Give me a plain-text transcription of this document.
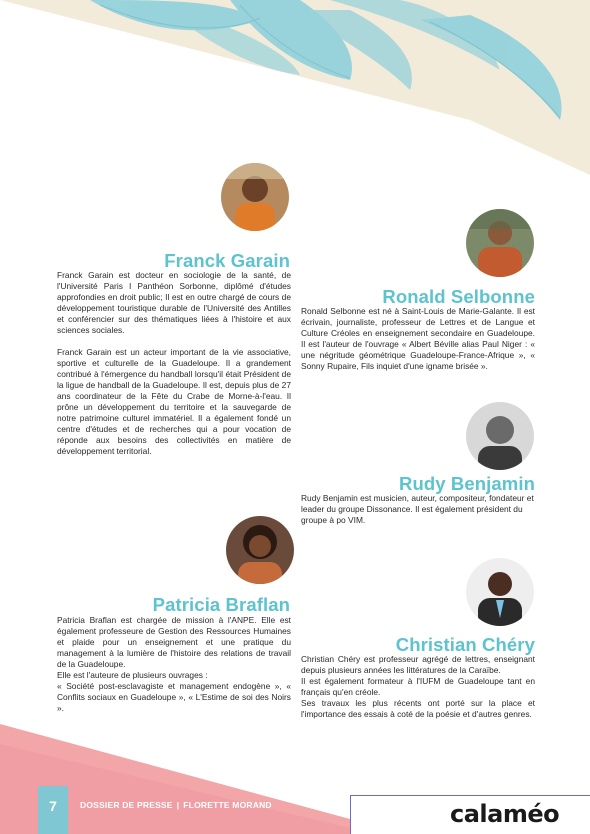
Franck Garain

Franck Garain est docteur en sociologie de la santé, de l'Université Paris I Panthéon Sorbonne, diplômé d'études approfondies en droit public; Il est en outre chargé de cours de développement touristique durable de l'Université des Antilles et conférencier sur des thématiques liées à l'histoire et aux sciences sociales.

Franck Garain est un acteur important de la vie associative, sportive et culturelle de la Guadeloupe. Il a grandement contribué à l'émergence du handball lorsqu'il était Président de la ligue de handball de la Guadeloupe. Il est, depuis plus de 27 ans coordinateur de la Fête du Crabe de Morne-à-l'eau. Il prône un développement du territoire et la sauvegarde de notre patrimoine culturel immatériel. Il a également fondé un centre d'études et de recherches qui a pour vocation de réponde aux besoins des collectivités en matière de développement territorial.

Ronald Selbonne

Ronald Selbonne est né à Saint-Louis de Marie-Galante. Il est écrivain, journaliste, professeur de Lettres et de Langue et Culture Créoles en enseignement secondaire en Guadeloupe. Il est l'auteur de l'ouvrage « Albert Béville alias Paul Niger : « une négritude géométrique Guadeloupe-France-Afrique », « Sonny Rupaire, Fils inquiet d'une igname brisée ».

Rudy Benjamin

Rudy Benjamin est musicien, auteur, compositeur, fondateur et leader du groupe Dissonance. Il est également président du groupe à po VIM.

Patricia Braflan

Patricia Braflan est chargée de mission à l'ANPE. Elle est également professeure de Gestion des Ressources Humaines et plaide pour un enseignement et une pratique du management à la lumière de l'histoire des relations de travail de la Guadeloupe.

Elle est l'auteure de plusieurs ouvrages :

« Société post-esclavagiste et management endogène », « Conflits sociaux en Guadeloupe », « L'Estime de soi des Noirs ».

Christian Chéry

Christian Chéry est professeur agrégé de lettres, enseignant depuis plusieurs années les littératures de la Caraïbe.

Il est également formateur à l'IUFM de Guadeloupe tant en français qu'en créole.

Ses travaux les plus récents ont porté sur la place et l'importance des essais à coté de la poésie et d'autres genres.

7	DOSSIER DE PRESSE | FLORETTE MORAND	calaméo
